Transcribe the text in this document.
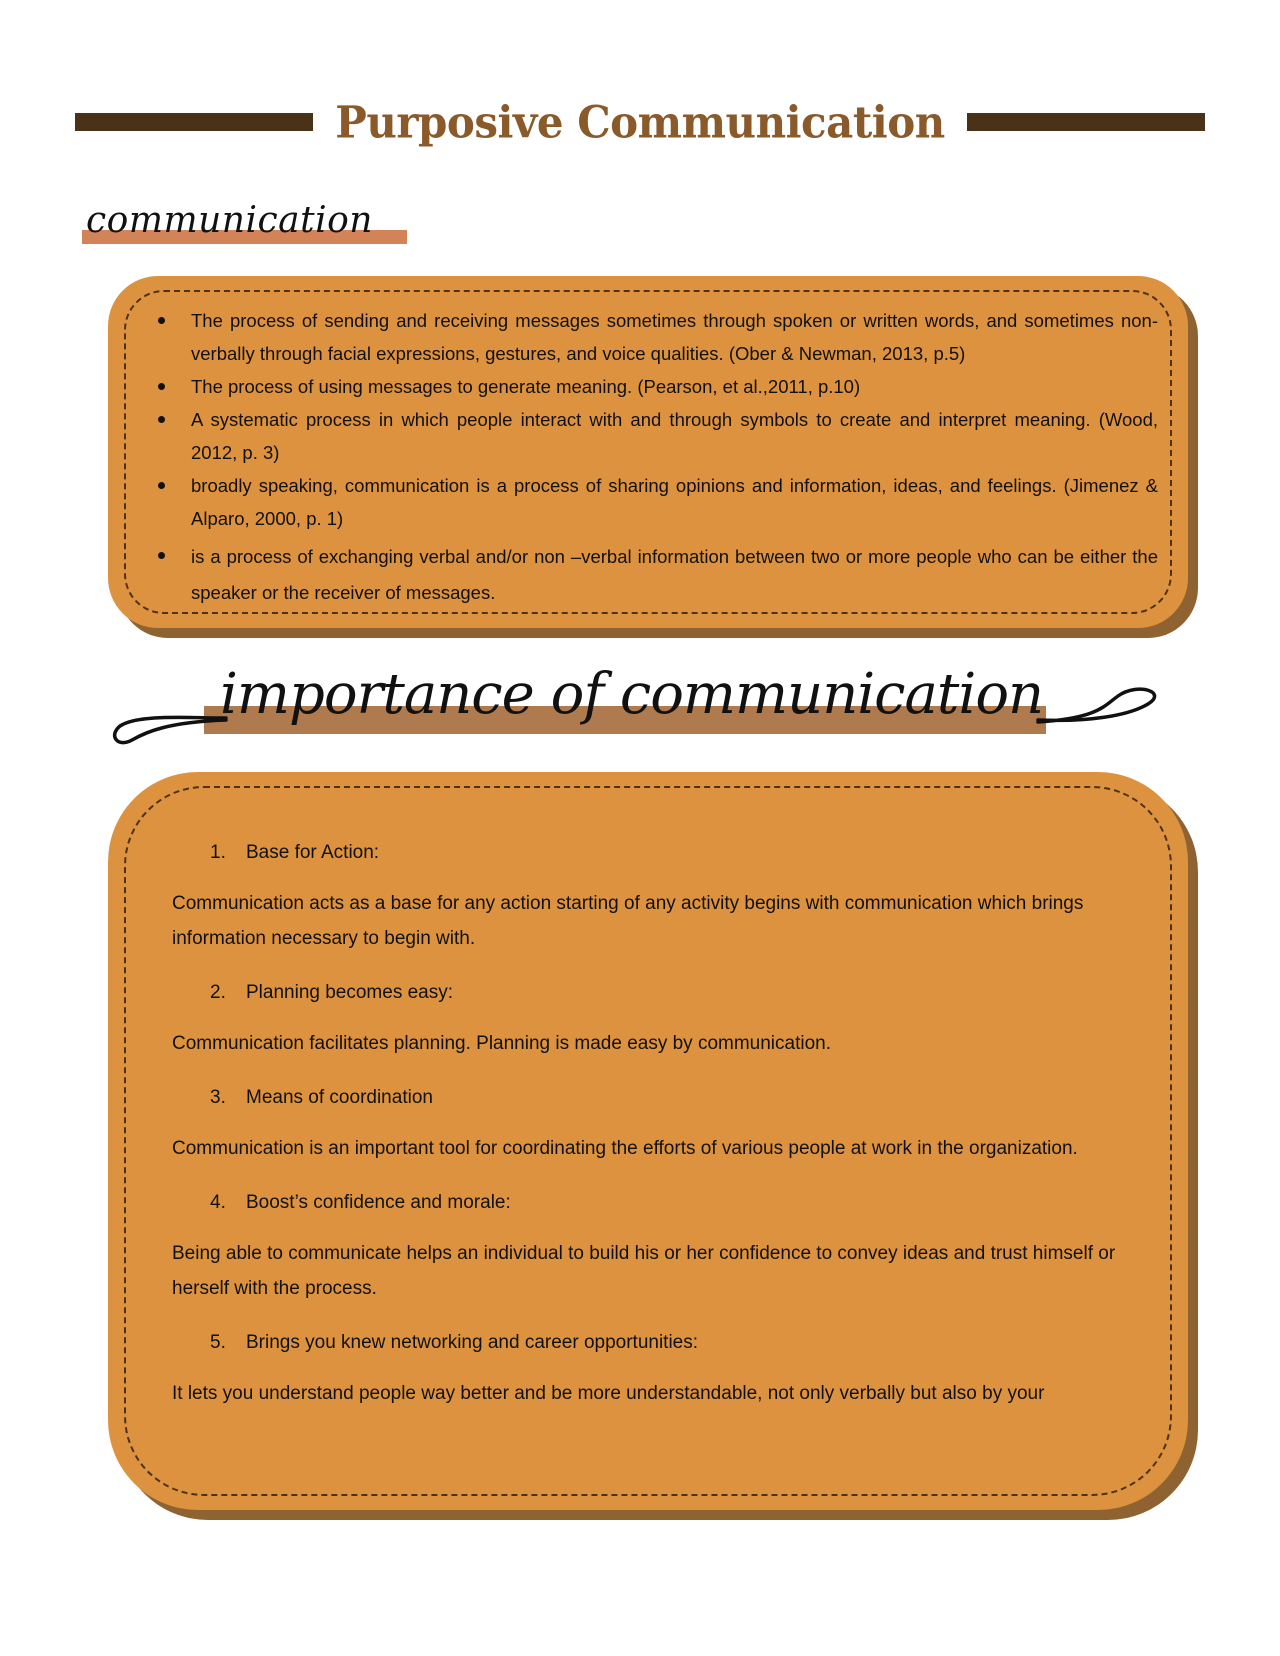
Purposive Communication
communication
The process of sending and receiving messages sometimes through spoken or written words, and sometimes non-verbally through facial expressions, gestures, and voice qualities. (Ober & Newman, 2013, p.5)
The process of using messages to generate meaning. (Pearson, et al.,2011, p.10)
A systematic process in which people interact with and through symbols to create and interpret meaning. (Wood, 2012, p. 3)
broadly speaking, communication is a process of sharing opinions and information, ideas, and feelings. (Jimenez & Alparo, 2000, p. 1)
is a process of exchanging verbal and/or non –verbal information between two or more people who can be either the speaker or the receiver of messages.
importance of communication
1.	Base for Action:
Communication acts as a base for any action starting of any activity begins with communication which brings information necessary to begin with.
2.	Planning becomes easy:
Communication facilitates planning. Planning is made easy by communication.
3.	Means of coordination
Communication is an important tool for coordinating the efforts of various people at work in the organization.
4.	Boost’s confidence and morale:
Being able to communicate helps an individual to build his or her confidence to convey ideas and trust himself or herself with the process.
5.	Brings you knew networking and career opportunities:
It lets you understand people way better and be more understandable, not only verbally but also by your
